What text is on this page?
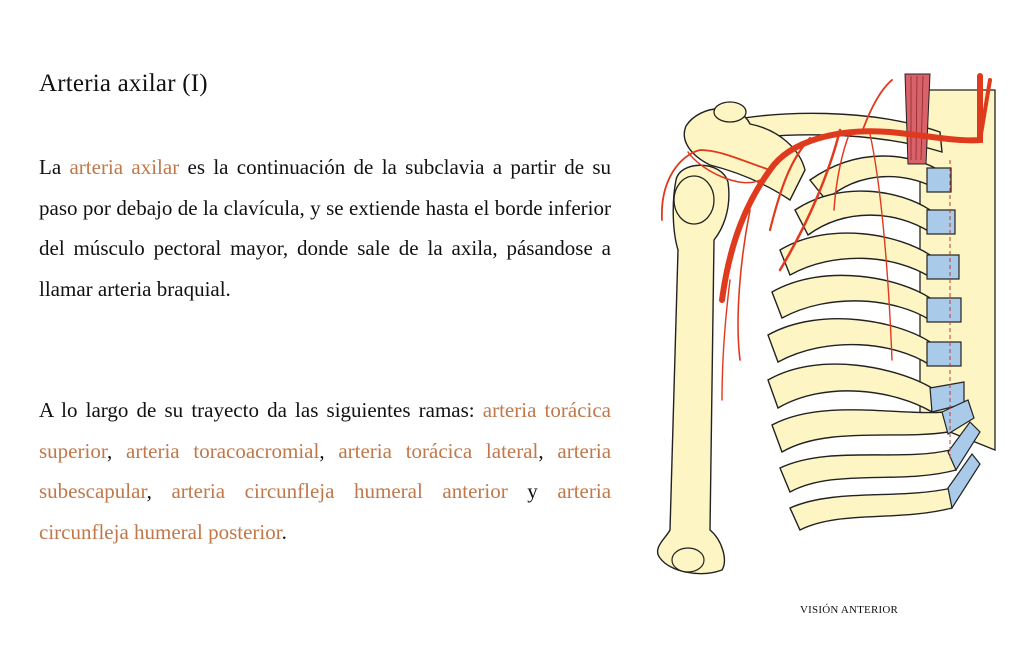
Arteria axilar (I)

La arteria axilar es la continuación de la subclavia a partir de su paso por debajo de la clavícula, y se extiende hasta el borde inferior del músculo pectoral mayor, donde sale de la axila, pásandose a llamar arteria braquial.

A lo largo de su trayecto da las siguientes ramas: arteria torácica superior, arteria toracoacromial, arteria torácica lateral, arteria subescapular, arteria circunfleja humeral anterior y arteria circunfleja humeral posterior.

VISIÓN ANTERIOR
